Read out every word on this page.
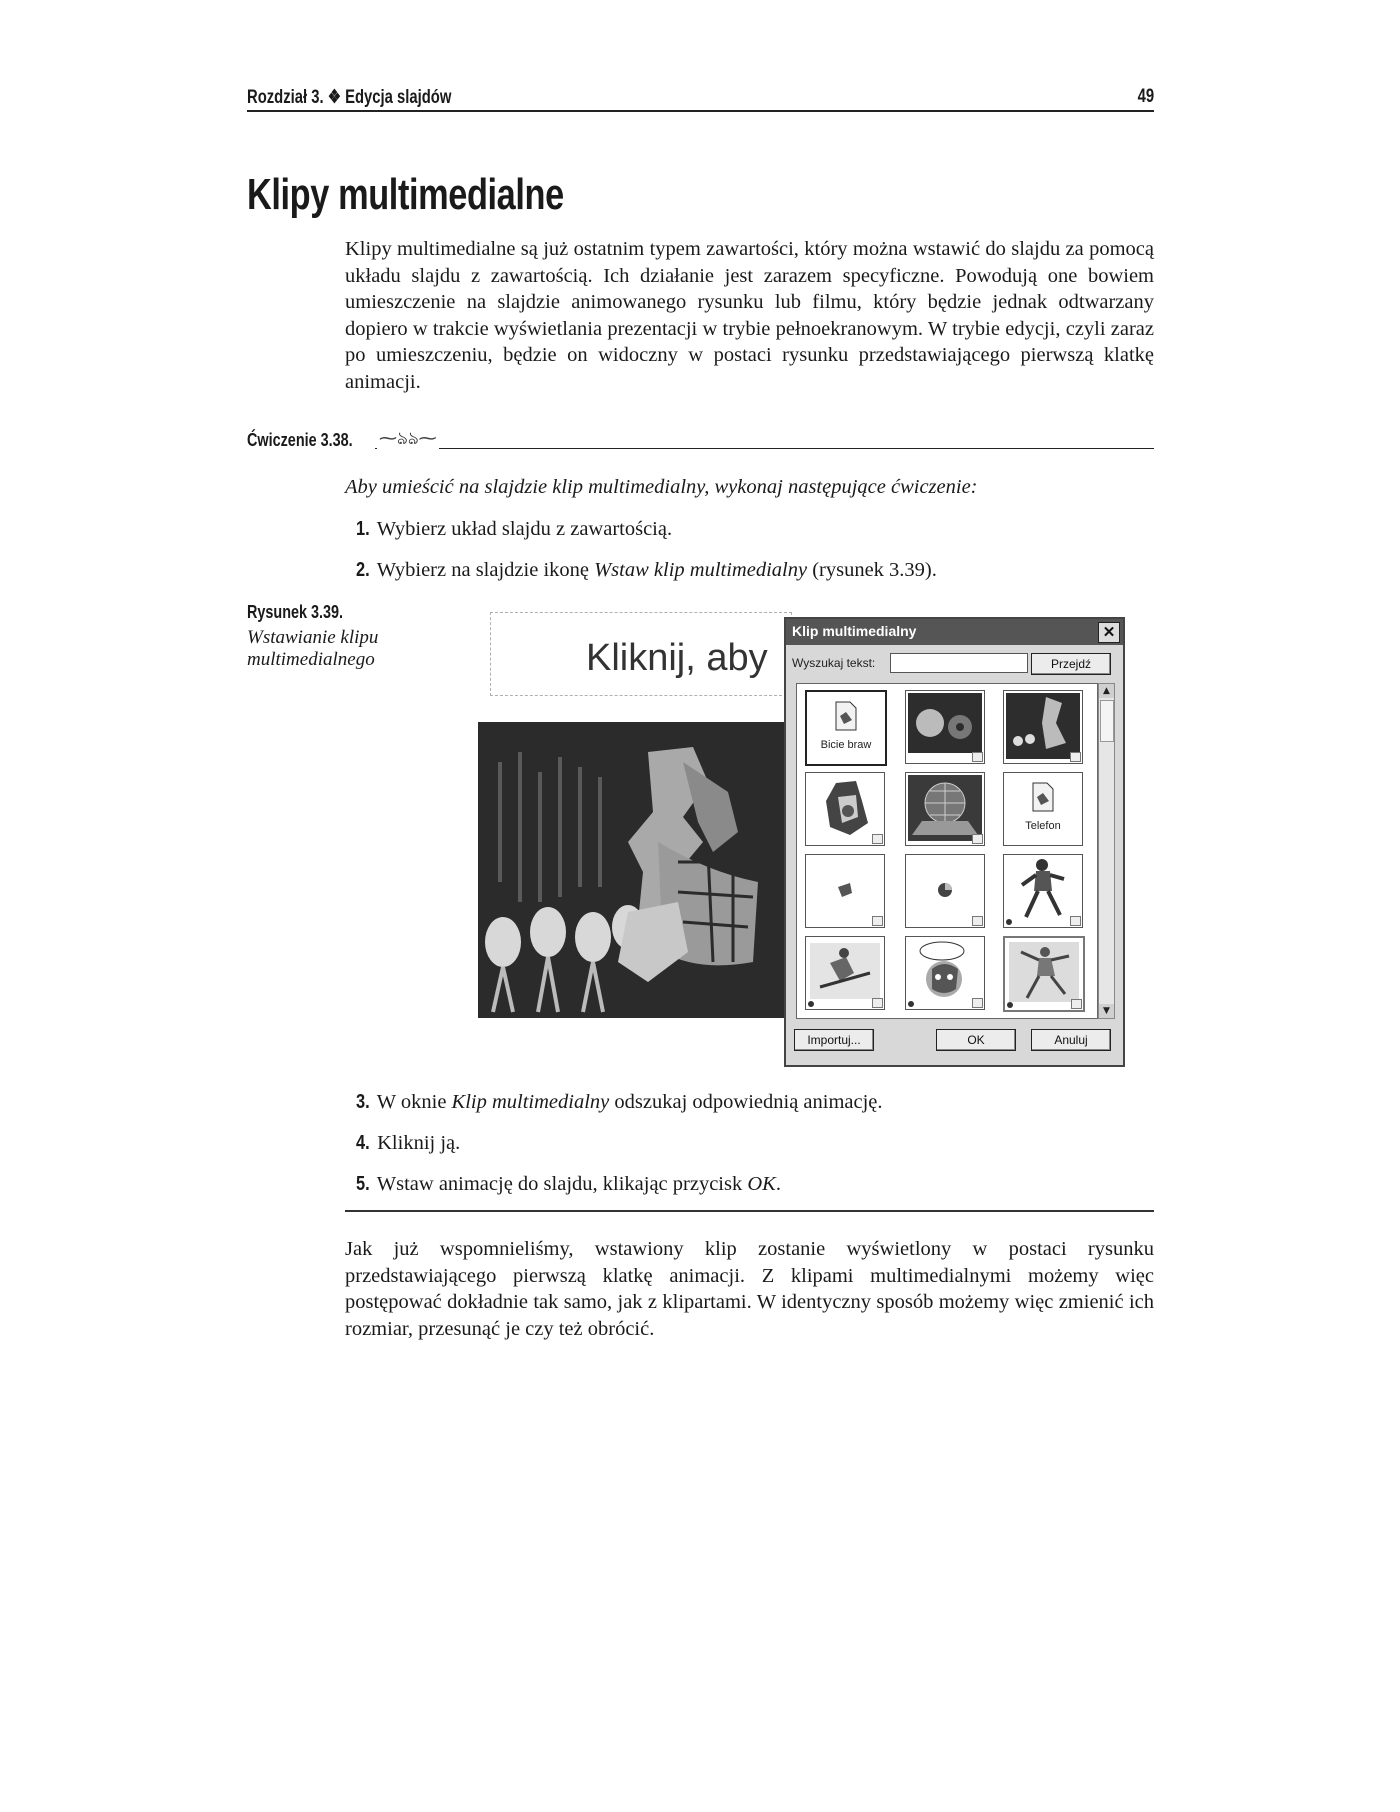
Rozdział 3. ❖ Edycja slajdów	49
Klipy multimedialne
Klipy multimedialne są już ostatnim typem zawartości, który można wstawić do slajdu za pomocą układu slajdu z zawartością. Ich działanie jest zarazem specyficzne. Powodują one bowiem umieszczenie na slajdzie animowanego rysunku lub filmu, który będzie jednak odtwarzany dopiero w trakcie wyświetlania prezentacji w trybie pełnoekranowym. W trybie edycji, czyli zaraz po umieszczeniu, będzie on widoczny w postaci rysunku przedstawiającego pierwszą klatkę animacji.
Ćwiczenie 3.38. ⁓ঌঌ⁓
Aby umieścić na slajdzie klip multimedialny, wykonaj następujące ćwiczenie:
1. Wybierz układ slajdu z zawartością.
2. Wybierz na slajdzie ikonę Wstaw klip multimedialny (rysunek 3.39).
Rysunek 3.39.
Wstawianie klipu multimedialnego	Kliknij, aby
Klip multimedialny	✕
Wyszukaj tekst:	Przejdź
Bicie braw
Telefon
▲
▼
Importuj...	OK	Anuluj
3. W oknie Klip multimedialny odszukaj odpowiednią animację.
4. Kliknij ją.
5. Wstaw animację do slajdu, klikając przycisk OK.
Jak już wspomnieliśmy, wstawiony klip zostanie wyświetlony w postaci rysunku przedstawiającego pierwszą klatkę animacji. Z klipami multimedialnymi możemy więc postępować dokładnie tak samo, jak z klipartami. W identyczny sposób możemy więc zmienić ich rozmiar, przesunąć je czy też obrócić.
